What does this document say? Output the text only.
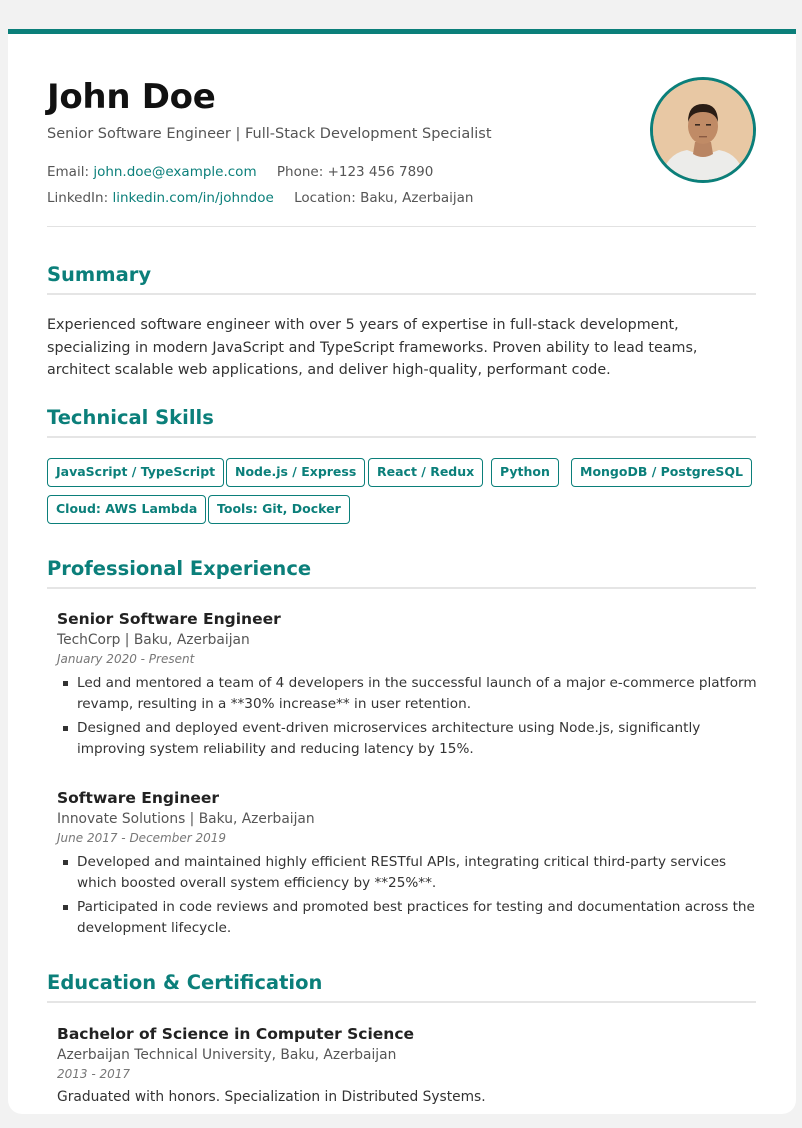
John Doe
Senior Software Engineer | Full-Stack Development Specialist
Email: john.doe@example.com Phone: +123 456 7890
LinkedIn: linkedin.com/in/johndoe Location: Baku, Azerbaijan
Summary
Experienced software engineer with over 5 years of expertise in full-stack development, specializing in modern JavaScript and TypeScript frameworks. Proven ability to lead teams, architect scalable web applications, and deliver high-quality, performant code.
Technical Skills
JavaScript / TypeScript	Node.js / Express	React / Redux	Python	MongoDB / PostgreSQL
Cloud: AWS Lambda	Tools: Git, Docker
Professional Experience
Senior Software Engineer
TechCorp | Baku, Azerbaijan
January 2020 - Present
Led and mentored a team of 4 developers in the successful launch of a major e-commerce platform revamp, resulting in a **30% increase** in user retention.
Designed and deployed event-driven microservices architecture using Node.js, significantly improving system reliability and reducing latency by 15%.
Software Engineer
Innovate Solutions | Baku, Azerbaijan
June 2017 - December 2019
Developed and maintained highly efficient RESTful APIs, integrating critical third-party services which boosted overall system efficiency by **25%**.
Participated in code reviews and promoted best practices for testing and documentation across the development lifecycle.
Education & Certification
Bachelor of Science in Computer Science
Azerbaijan Technical University, Baku, Azerbaijan
2013 - 2017
Graduated with honors. Specialization in Distributed Systems.
